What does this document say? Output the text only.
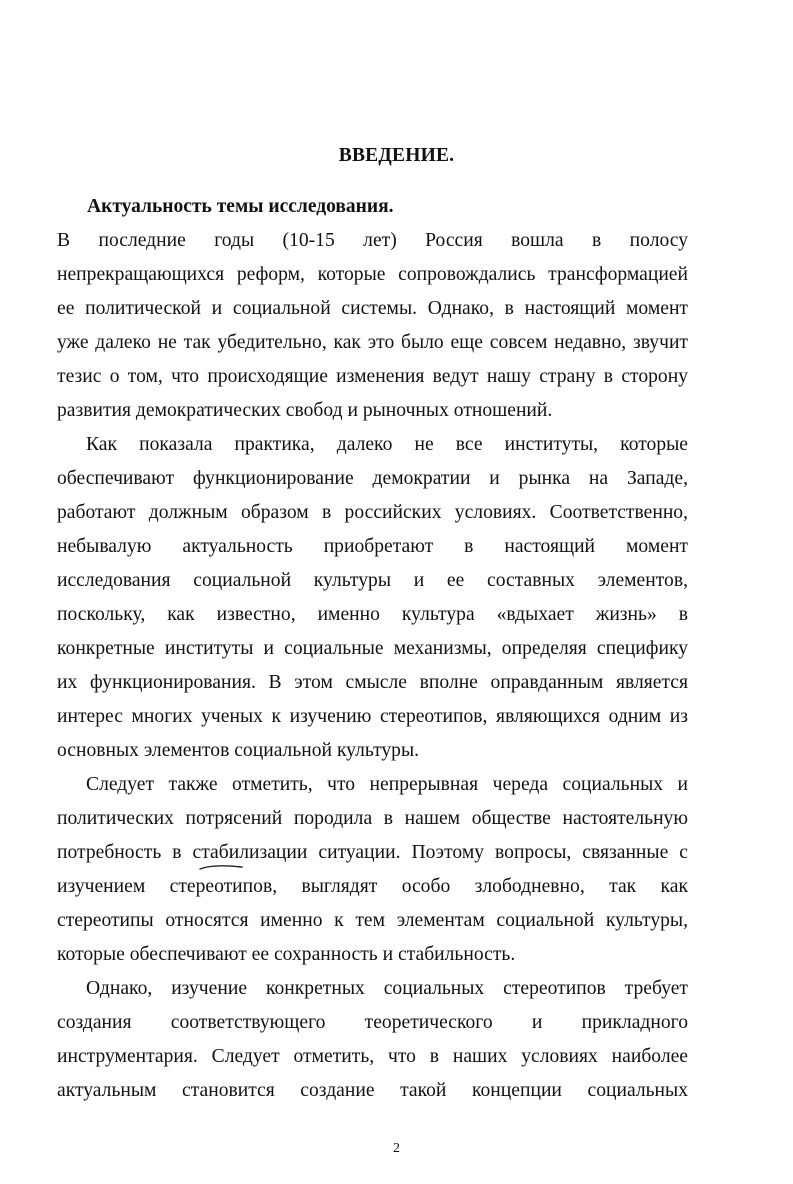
ВВЕДЕНИЕ.
Актуальность темы исследования.
В последние годы (10-15 лет) Россия вошла в полосу
непрекращающихся реформ, которые сопровождались трансформацией
ее политической и социальной системы. Однако, в настоящий момент
уже далеко не так убедительно, как это было еще совсем недавно, звучит
тезис о том, что происходящие изменения ведут нашу страну в сторону
развития демократических свобод и рыночных отношений.
Как показала практика, далеко не все институты, которые
обеспечивают функционирование демократии и рынка на Западе,
работают должным образом в российских условиях. Соответственно,
небывалую актуальность приобретают в настоящий момент
исследования социальной культуры и ее составных элементов,
поскольку, как известно, именно культура «вдыхает жизнь» в
конкретные институты и социальные механизмы, определяя специфику
их функционирования. В этом смысле вполне оправданным является
интерес многих ученых к изучению стереотипов, являющихся одним из
основных элементов социальной культуры.
Следует также отметить, что непрерывная череда социальных и
политических потрясений породила в нашем обществе настоятельную
потребность в стабилизации ситуации. Поэтому вопросы, связанные с
изучением стереотипов, выглядят особо злободневно, так как
стереотипы относятся именно к тем элементам социальной культуры,
которые обеспечивают ее сохранность и стабильность.
Однако, изучение конкретных социальных стереотипов требует
создания соответствующего теоретического и прикладного
инструментария. Следует отметить, что в наших условиях наиболее
актуальным становится создание такой концепции социальных

2
